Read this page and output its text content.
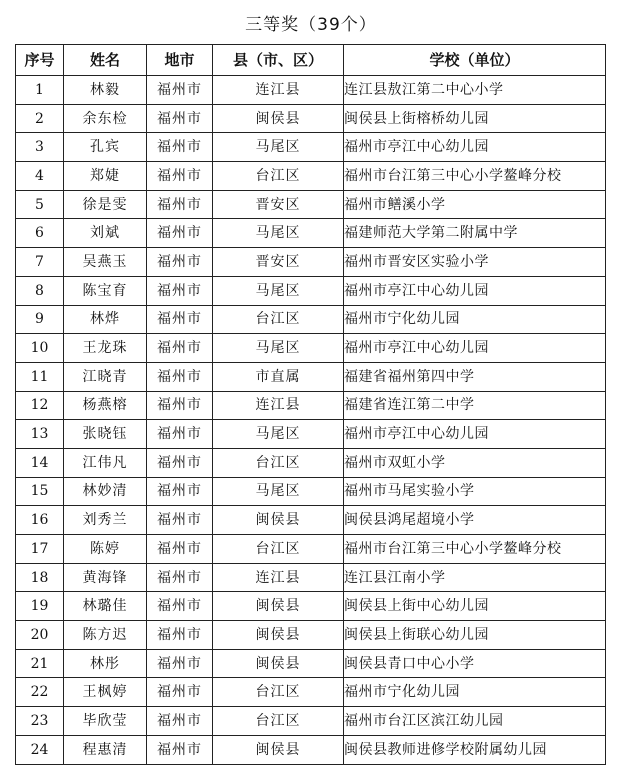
三等奖（39个）
序号	姓名	地市	县（市、区）	学校（单位）
1	林毅	福州市	连江县	连江县敖江第二中心小学
2	余东检	福州市	闽侯县	闽侯县上街榕桥幼儿园
3	孔宾	福州市	马尾区	福州市亭江中心幼儿园
4	郑婕	福州市	台江区	福州市台江第三中心小学鳌峰分校
5	徐是雯	福州市	晋安区	福州市鳝溪小学
6	刘斌	福州市	马尾区	福建师范大学第二附属中学
7	吴燕玉	福州市	晋安区	福州市晋安区实验小学
8	陈宝育	福州市	马尾区	福州市亭江中心幼儿园
9	林烨	福州市	台江区	福州市宁化幼儿园
10	王龙珠	福州市	马尾区	福州市亭江中心幼儿园
11	江晓青	福州市	市直属	福建省福州第四中学
12	杨燕榕	福州市	连江县	福建省连江第二中学
13	张晓钰	福州市	马尾区	福州市亭江中心幼儿园
14	江伟凡	福州市	台江区	福州市双虹小学
15	林妙清	福州市	马尾区	福州市马尾实验小学
16	刘秀兰	福州市	闽侯县	闽侯县鸿尾超境小学
17	陈婷	福州市	台江区	福州市台江第三中心小学鳌峰分校
18	黄海锋	福州市	连江县	连江县江南小学
19	林璐佳	福州市	闽侯县	闽侯县上街中心幼儿园
20	陈方迟	福州市	闽侯县	闽侯县上街联心幼儿园
21	林彤	福州市	闽侯县	闽侯县青口中心小学
22	王枫婷	福州市	台江区	福州市宁化幼儿园
23	毕欣莹	福州市	台江区	福州市台江区滨江幼儿园
24	程惠清	福州市	闽侯县	闽侯县教师进修学校附属幼儿园
